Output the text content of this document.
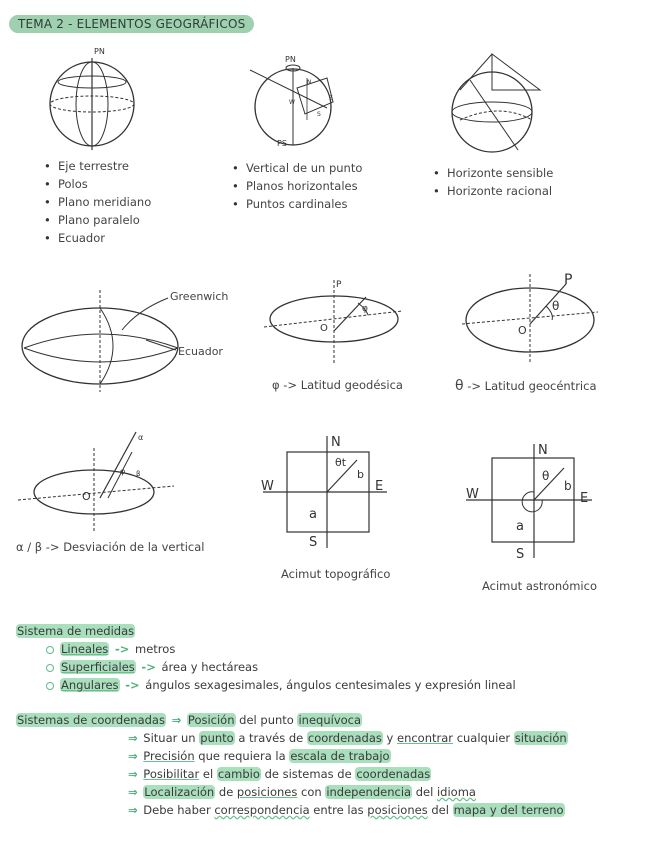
TEMA 2 - ELEMENTOS GEOGRÁFICOS
PN
PN
PS
N
E
S
W
• Eje terrestre
• Polos
• Plano meridiano
• Plano paralelo
• Ecuador
• Vertical de un punto
• Planos horizontales
• Puntos cardinales
• Horizonte sensible
• Horizonte racional
Greenwich
Ecuador
P
O
φ
φ -> Latitud geodésica
P
O
θ
θ -> Latitud geocéntrica
O
α
β
φ
α / β -> Desviación de la vertical
N
S
E
W
θt
a
b
Acimut topográfico
N
S
E
W
θ
a
b
Acimut astronómico
Sistema de medidas
Lineales -> metros
Superficiales -> área y hectáreas
Angulares -> ángulos sexagesimales, ángulos centesimales y expresión lineal
Sistemas de coordenadas ⇒ Posición del punto inequívoca
⇒ Situar un punto a través de coordenadas y encontrar cualquier situación
⇒ Precisión que requiera la escala de trabajo
⇒ Posibilitar el cambio de sistemas de coordenadas
⇒ Localización de posiciones con independencia del idioma
⇒ Debe haber correspondencia entre las posiciones del mapa y del terreno
